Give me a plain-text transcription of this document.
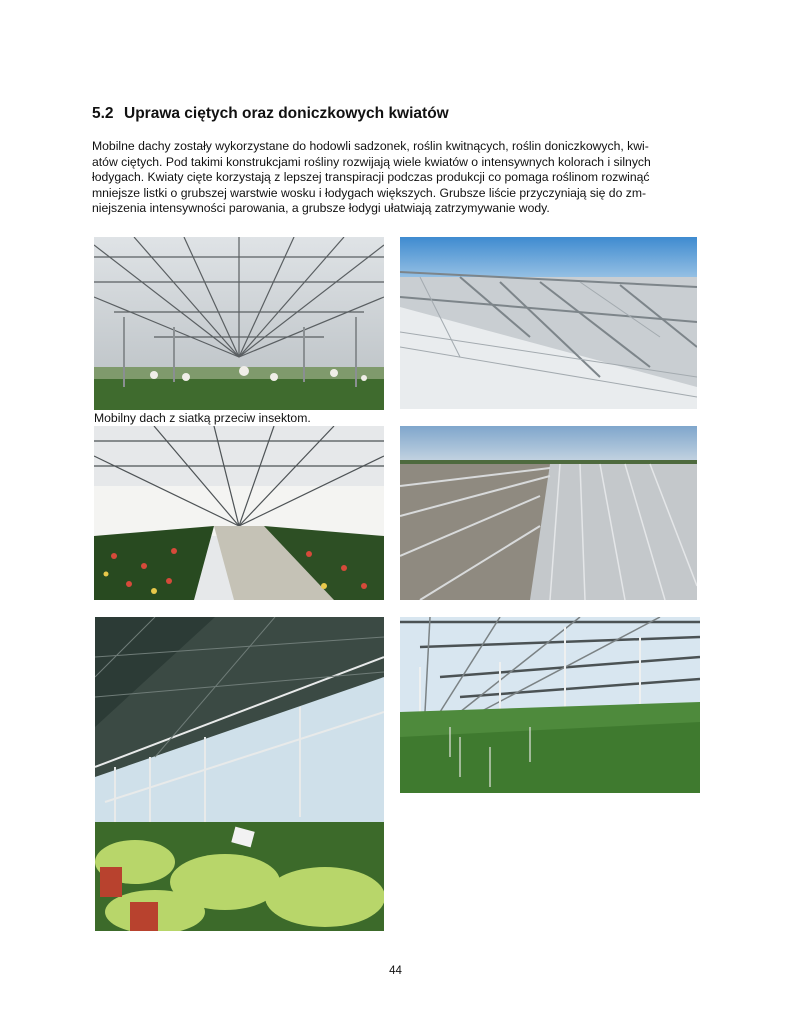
5.2 Uprawa ciętych oraz doniczkowych kwiatów

Mobilne dachy zostały wykorzystane do hodowli sadzonek, roślin kwitnących, roślin doniczkowych, kwi-
atów ciętych. Pod takimi konstrukcjami rośliny rozwijają wiele kwiatów o intensywnych kolorach i silnych
łodygach. Kwiaty cięte korzystają z lepszej transpiracji podczas produkcji co pomaga roślinom rozwinąć
mniejsze listki o grubszej warstwie wosku i łodygach większych. Grubsze liście przyczyniają się do zm-
niejszenia intensywności parowania, a grubsze łodygi ułatwiają zatrzymywanie wody.

Mobilny dach z siatką przeciw insektom.
44
